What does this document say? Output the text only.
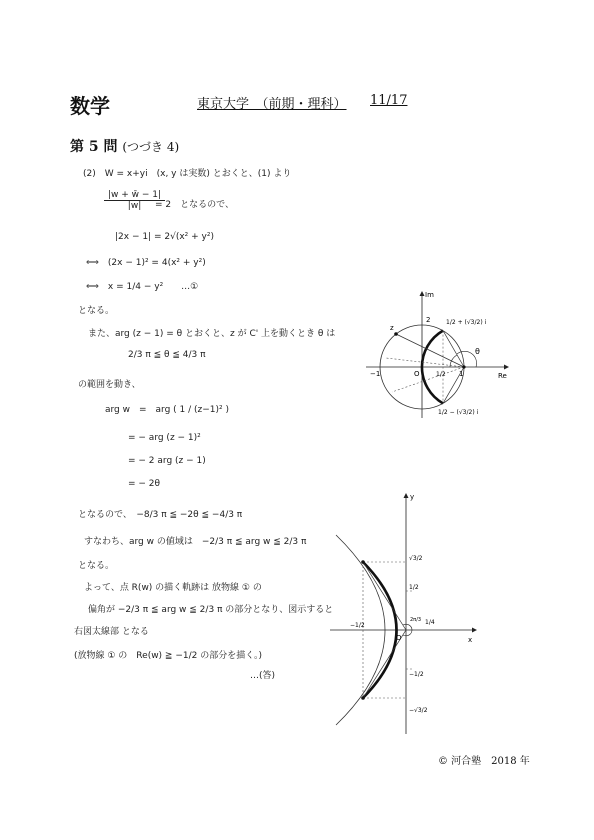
数学	東京大学　（前期・理科） 11/17
第 5 問 (つづき 4)
(2)　W = x+yi　(x, y は実数) とおくと、(1) より
$\frac{|w + w̄ - 1|}{|w|}$
= 2　となるので、
|2x − 1| = 2√(x² + y²)
⟺　(2x − 1)² = 4(x² + y²)
⟺　x = 1/4 − y²　　…①
となる。
また、arg (z − 1) = θ とおくと、z が C' 上を動くとき θ は
2/3 π ≦ θ ≦ 4/3 π
の範囲を動き、
arg w　=　arg ( 1 / (z−1)² )
= − arg (z − 1)²
= − 2 arg (z − 1)
= − 2θ
となるので、　−8/3 π ≦ −2θ ≦ −4/3 π
すなわち、arg w の値域は　−2/3 π ≦ arg w ≦ 2/3 π
となる。
よって、点 R(w) の描く軌跡は 放物線 ① の
偏角が −2/3 π ≦ arg w ≦ 2/3 π の部分となり、図示すると
右図太線部 となる
(放物線 ① の　Re(w) ≧ −1/2 の部分を描く。)
…(答)
Im
Re
1/2 + (√3/2) i
1/2 − (√3/2) i
θ
1
−1
2
1/2
O
z
y
x
√3/2
1/2
1/4
−1/2
−1/2
−√3/2
O
2π/3
© 河合塾　2018 年
